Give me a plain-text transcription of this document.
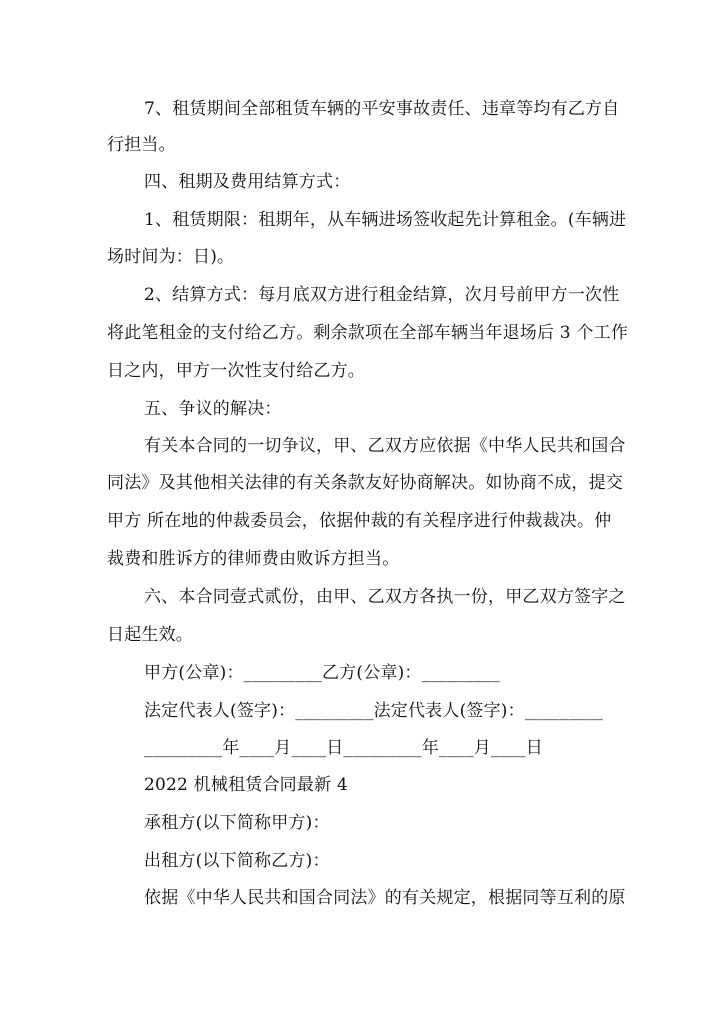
7、租赁期间全部租赁车辆的平安事故责任、违章等均有乙方自
行担当。
四、租期及费用结算方式：
1、租赁期限：租期年，从车辆进场签收起先计算租金。(车辆进
场时间为：日)。
2、结算方式：每月底双方进行租金结算，次月号前甲方一次性
将此笔租金的支付给乙方。剩余款项在全部车辆当年退场后 3 个工作
日之内，甲方一次性支付给乙方。
五、争议的解决：
有关本合同的一切争议，甲、乙双方应依据《中华人民共和国合
同法》及其他相关法律的有关条款友好协商解决。如协商不成，提交
甲方 所在地的仲裁委员会，依据仲裁的有关程序进行仲裁裁决。仲
裁费和胜诉方的律师费由败诉方担当。
六、本合同壹式贰份，由甲、乙双方各执一份，甲乙双方签字之
日起生效。
甲方(公章)：_________乙方(公章)：_________
法定代表人(签字)：_________法定代表人(签字)：_________
_________年____月____日_________年____月____日
2022 机械租赁合同最新 4
承租方(以下简称甲方)：
出租方(以下简称乙方)：
依据《中华人民共和国合同法》的有关规定，根据同等互利的原
